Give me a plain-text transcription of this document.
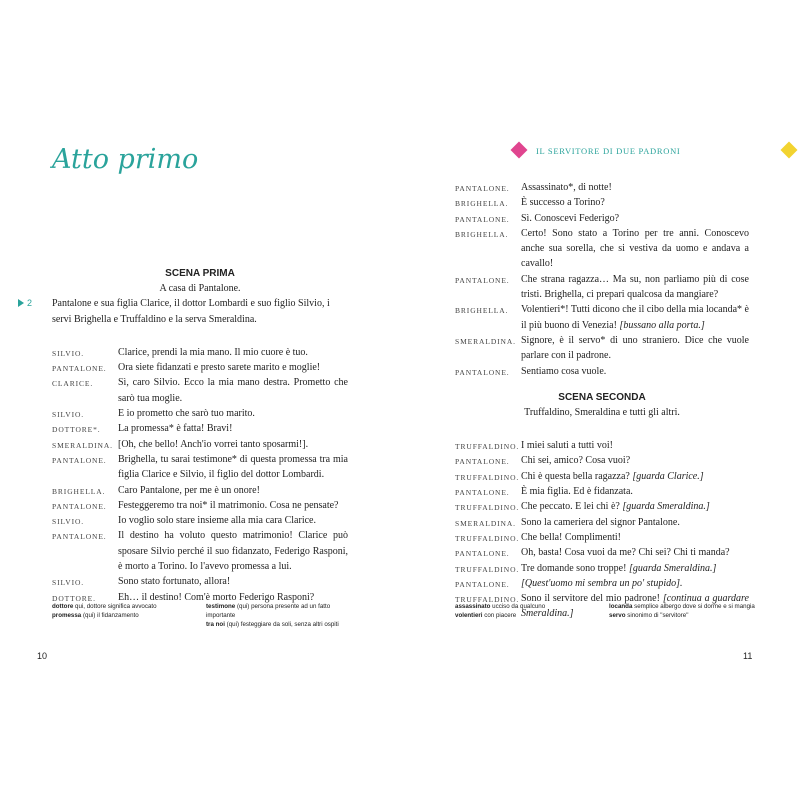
Atto primo
SCENA PRIMA
A casa di Pantalone.
2	Pantalone e sua figlia Clarice, il dottor Lombardi e suo figlio Silvio, i servi Brighella e Truffaldino e la serva Smeraldina.
SILVIO.	Clarice, prendi la mia mano. Il mio cuore è tuo.
PANTALONE. Ora siete fidanzati e presto sarete marito e moglie!
CLARICE. Sì, caro Silvio. Ecco la mia mano destra. Prometto che sarò tua moglie.
SILVIO.	E io prometto che sarò tuo marito.
DOTTORE*. La promessa* è fatta! Bravi!
SMERALDINA. [Oh, che bello! Anch'io vorrei tanto sposarmi!].
PANTALONE. Brighella, tu sarai testimone* di questa promessa tra mia figlia Clarice e Silvio, il figlio del dottor Lombardi.
BRIGHELLA. Caro Pantalone, per me è un onore!
PANTALONE. Festeggeremo tra noi* il matrimonio. Cosa ne pensate?
SILVIO.	Io voglio solo stare insieme alla mia cara Clarice.
PANTALONE. Il destino ha voluto questo matrimonio! Clarice può sposare Silvio perché il suo fidanzato, Federigo Rasponi, è morto a Torino. Io l'avevo promessa a lui.
SILVIO.	Sono stato fortunato, allora!
DOTTORE. Eh… il destino! Com'è morto Federigo Rasponi?
dottore qui, dottore significa avvocato
promessa (qui) il fidanzamento
testimone (qui) persona presente ad un fatto importante
tra noi (qui) festeggiare da soli, senza altri ospiti
10
IL SERVITORE DI DUE PADRONI
PANTALONE. Assassinato*, di notte!
BRIGHELLA. È successo a Torino?
PANTALONE. Sì. Conoscevi Federigo?
BRIGHELLA. Certo! Sono stato a Torino per tre anni. Conoscevo anche sua sorella, che si vestiva da uomo e andava a cavallo!
PANTALONE. Che strana ragazza… Ma su, non parliamo più di cose tristi. Brighella, ci prepari qualcosa da mangiare?
BRIGHELLA. Volentieri*! Tutti dicono che il cibo della mia locanda* è il più buono di Venezia! [bussano alla porta.]
SMERALDINA. Signore, è il servo* di uno straniero. Dice che vuole parlare con il padrone.
PANTALONE. Sentiamo cosa vuole.
SCENA SECONDA
Truffaldino, Smeraldina e tutti gli altri.
TRUFFALDINO. I miei saluti a tutti voi!
PANTALONE. Chi sei, amico? Cosa vuoi?
TRUFFALDINO. Chi è questa bella ragazza? [guarda Clarice.]
PANTALONE. È mia figlia. Ed è fidanzata.
TRUFFALDINO. Che peccato. E lei chi è? [guarda Smeraldina.]
SMERALDINA. Sono la cameriera del signor Pantalone.
TRUFFALDINO. Che bella! Complimenti!
PANTALONE. Oh, basta! Cosa vuoi da me? Chi sei? Chi ti manda?
TRUFFALDINO. Tre domande sono troppe! [guarda Smeraldina.]
PANTALONE. [Quest'uomo mi sembra un po' stupido].
TRUFFALDINO. Sono il servitore del mio padrone! [continua a guardare Smeraldina.]
assassinato ucciso da qualcuno
volentieri con piacere
locanda semplice albergo dove si dorme e si mangia
servo sinonimo di "servitore"
11
